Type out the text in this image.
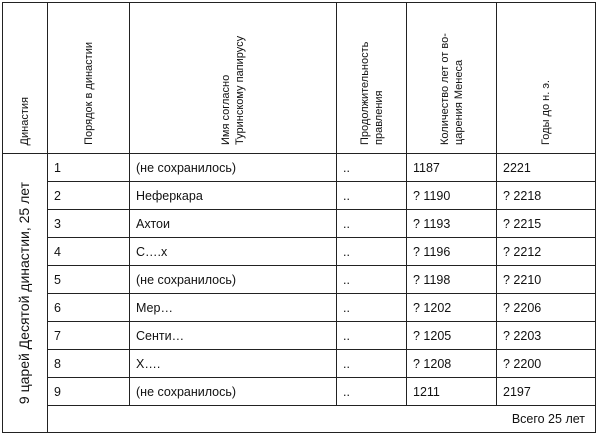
Династия	Порядок в династии	Имя согласно Туринскому папирусу	Продолжительность правления	Количество лет от во-царения Менеса	Годы до н. э.

9 царей Десятой династии, 25 лет	1	(не сохранилось)	..	1187	2221
	2	Неферкара	..	? 1190	? 2218
	3	Ахтои	..	? 1193	? 2215
	4	С….х	..	? 1196	? 2212
	5	(не сохранилось)	..	? 1198	? 2210
	6	Мер…	..	? 1202	? 2206
	7	Сенти…	..	? 1205	? 2203
	8	Х….	..	? 1208	? 2200
	9	(не сохранилось)	..	1211	2197
	Всего 25 лет				
